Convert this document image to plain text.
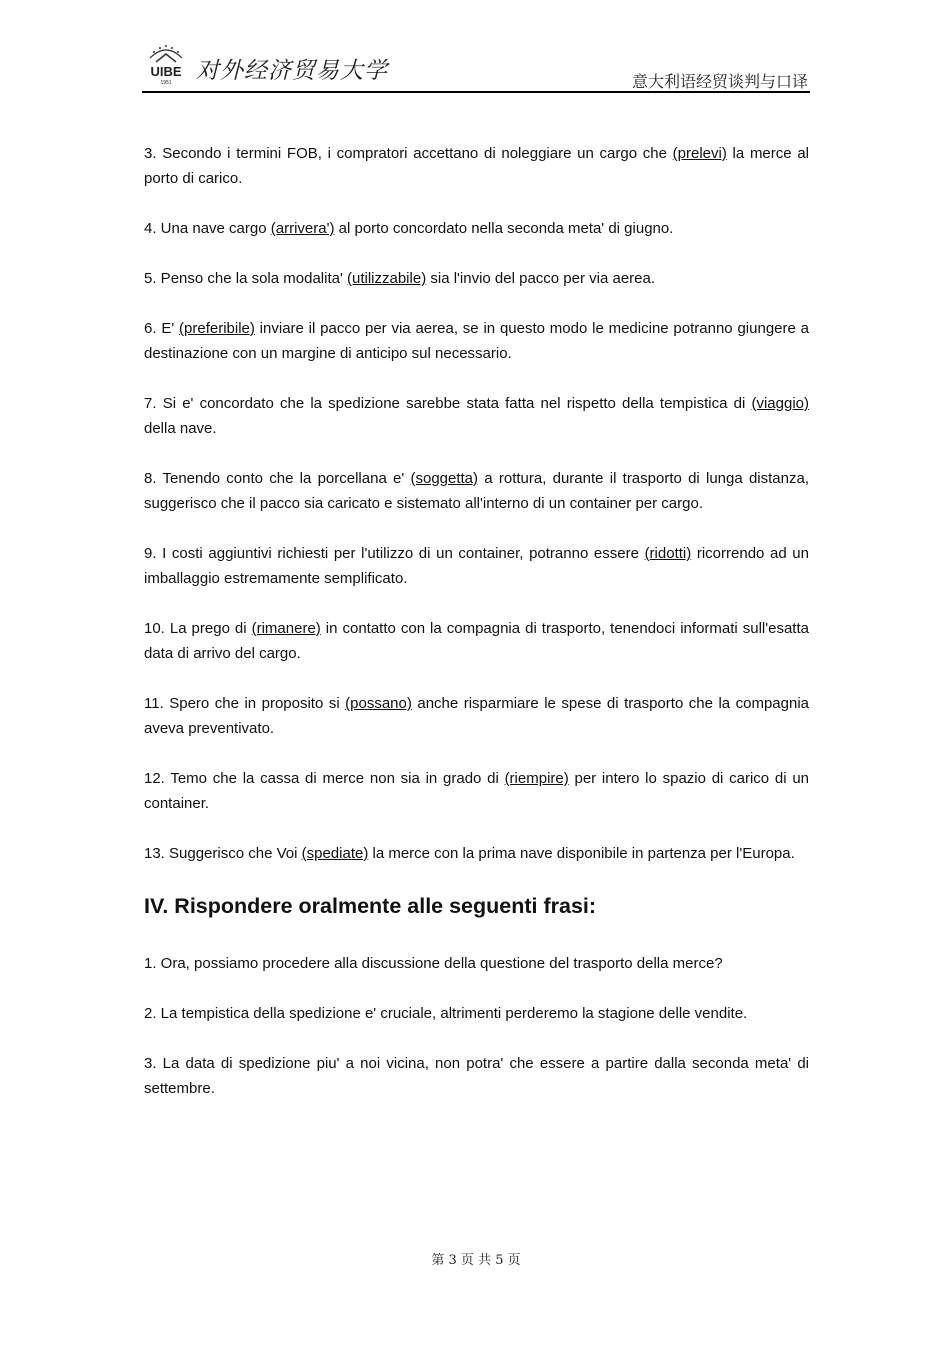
UIBE
1951 对外经济贸易大学	意大利语经贸谈判与口译
3. Secondo i termini FOB, i compratori accettano di noleggiare un cargo che (prelevi) la merce al porto di carico.
4. Una nave cargo (arrivera') al porto concordato nella seconda meta' di giugno.
5. Penso che la sola modalita' (utilizzabile) sia l'invio del pacco per via aerea.
6. E' (preferibile) inviare il pacco per via aerea, se in questo modo le medicine potranno giungere a destinazione con un margine di anticipo sul necessario.
7. Si e' concordato che la spedizione sarebbe stata fatta nel rispetto della tempistica di (viaggio) della nave.
8. Tenendo conto che la porcellana e' (soggetta) a rottura, durante il trasporto di lunga distanza, suggerisco che il pacco sia caricato e sistemato all'interno di un container per cargo.
9. I costi aggiuntivi richiesti per l'utilizzo di un container, potranno essere (ridotti) ricorrendo ad un imballaggio estremamente semplificato.
10. La prego di (rimanere) in contatto con la compagnia di trasporto, tenendoci informati sull'esatta data di arrivo del cargo.
11. Spero che in proposito si (possano) anche risparmiare le spese di trasporto che la compagnia aveva preventivato.
12. Temo che la cassa di merce non sia in grado di (riempire) per intero lo spazio di carico di un container.
13. Suggerisco che Voi (spediate) la merce con la prima nave disponibile in partenza per l'Europa.
IV. Rispondere oralmente alle seguenti frasi:
1. Ora, possiamo procedere alla discussione della questione del trasporto della merce?
2. La tempistica della spedizione e' cruciale, altrimenti perderemo la stagione delle vendite.
3. La data di spedizione piu' a noi vicina, non potra' che essere a partire dalla seconda meta' di settembre.
第 3 页 共 5 页
